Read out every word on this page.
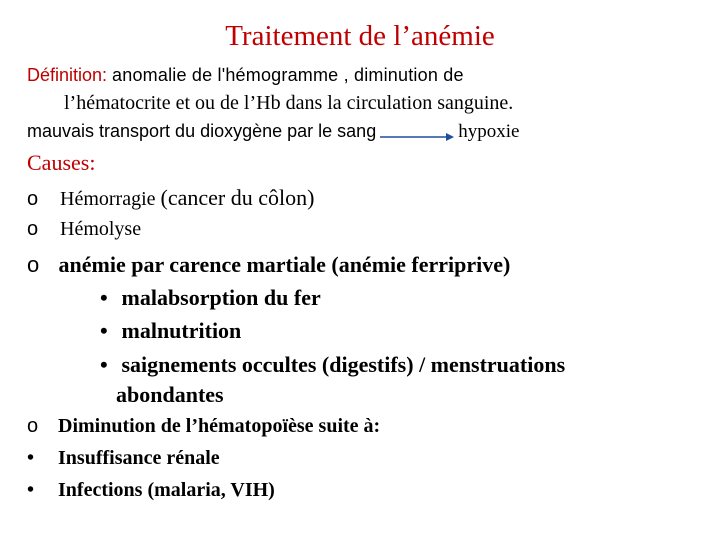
Traitement de l’anémie
Définition: anomalie de l'hémogramme , diminution de
l’hématocrite et ou de l’Hb dans la circulation sanguine.
mauvais transport du dioxygène par le sang	hypoxie
Causes:
o Hémorragie (cancer du côlon)
o Hémolyse
o anémie par carence martiale (anémie ferriprive)
• malabsorption du fer
• malnutrition
• saignements occultes (digestifs) / menstruations
abondantes
o Diminution de l’hématopoïèse suite à:
• Insuffisance rénale
• Infections (malaria, VIH)
